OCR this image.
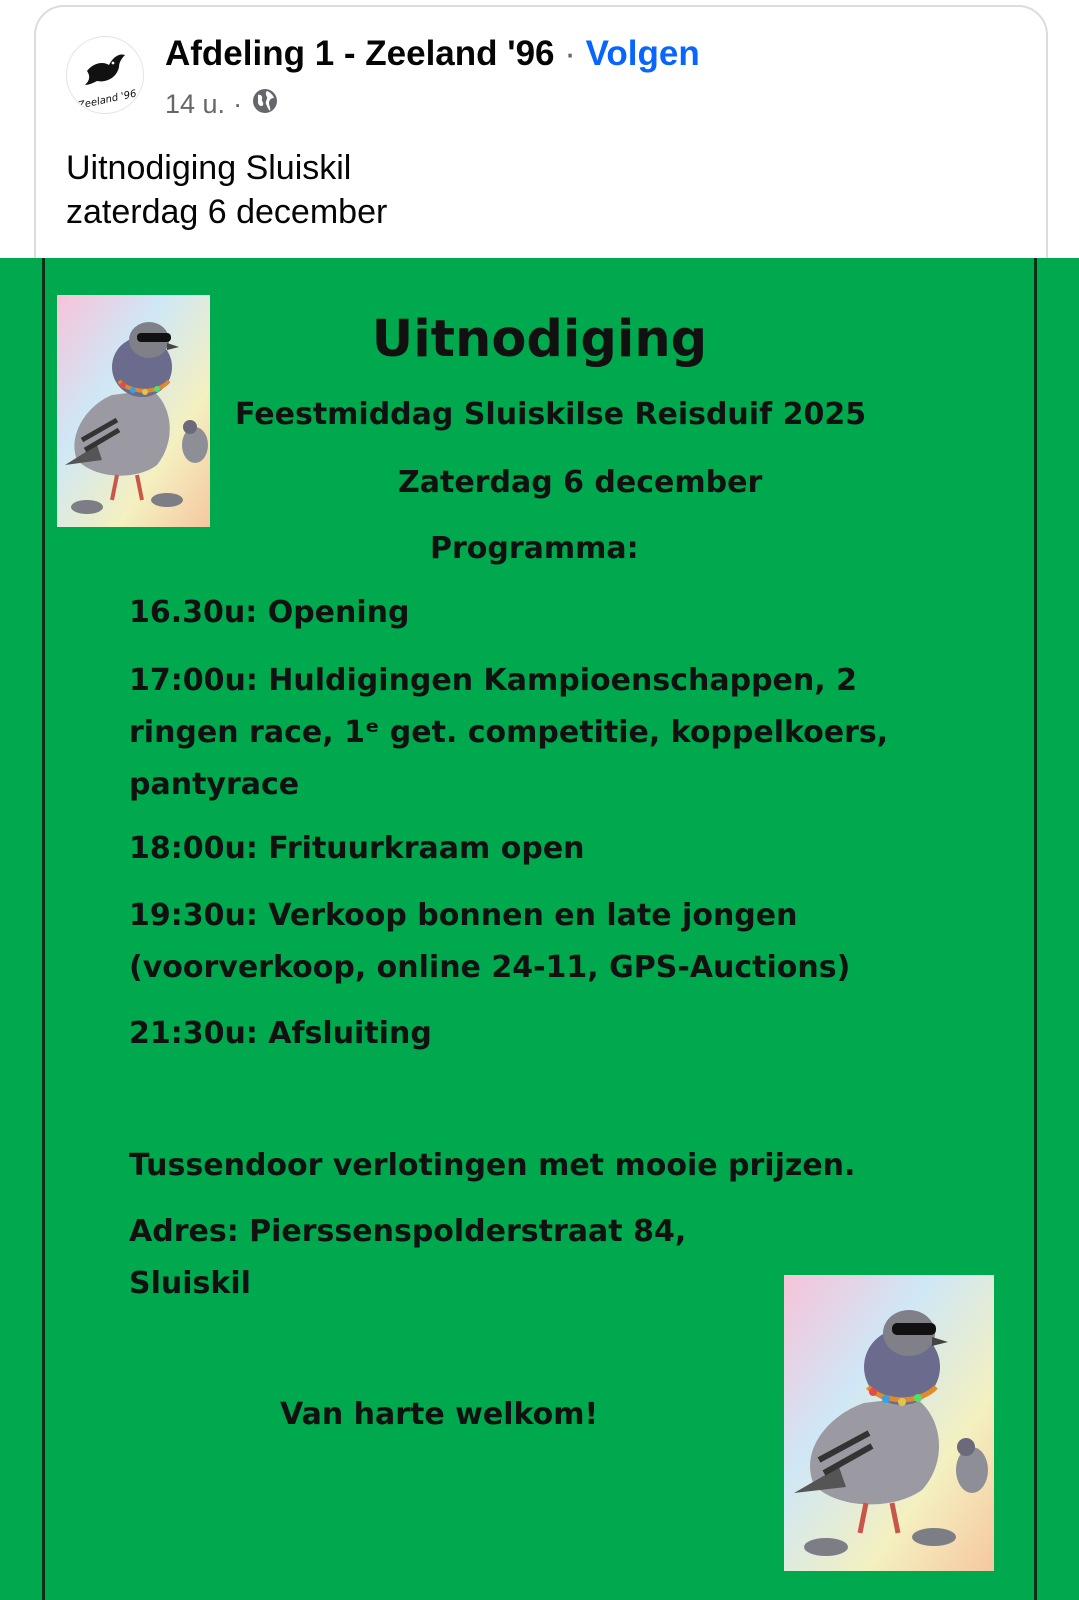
Zeeland '96
Afdeling 1 - Zeeland '96 · Volgen
14 u. ·
Uitnodiging Sluiskil
zaterdag 6 december
Uitnodiging
Feestmiddag Sluiskilse Reisduif 2025
Zaterdag 6 december
Programma:
16.30u: Opening
17:00u: Huldigingen Kampioenschappen, 2
ringen race, 1ᵉ get. competitie, koppelkoers,
pantyrace
18:00u: Frituurkraam open
19:30u: Verkoop bonnen en late jongen
(voorverkoop, online 24-11, GPS-Auctions)
21:30u: Afsluiting
Tussendoor verlotingen met mooie prijzen.
Adres: Pierssenspolderstraat 84,
Sluiskil
Van harte welkom!
